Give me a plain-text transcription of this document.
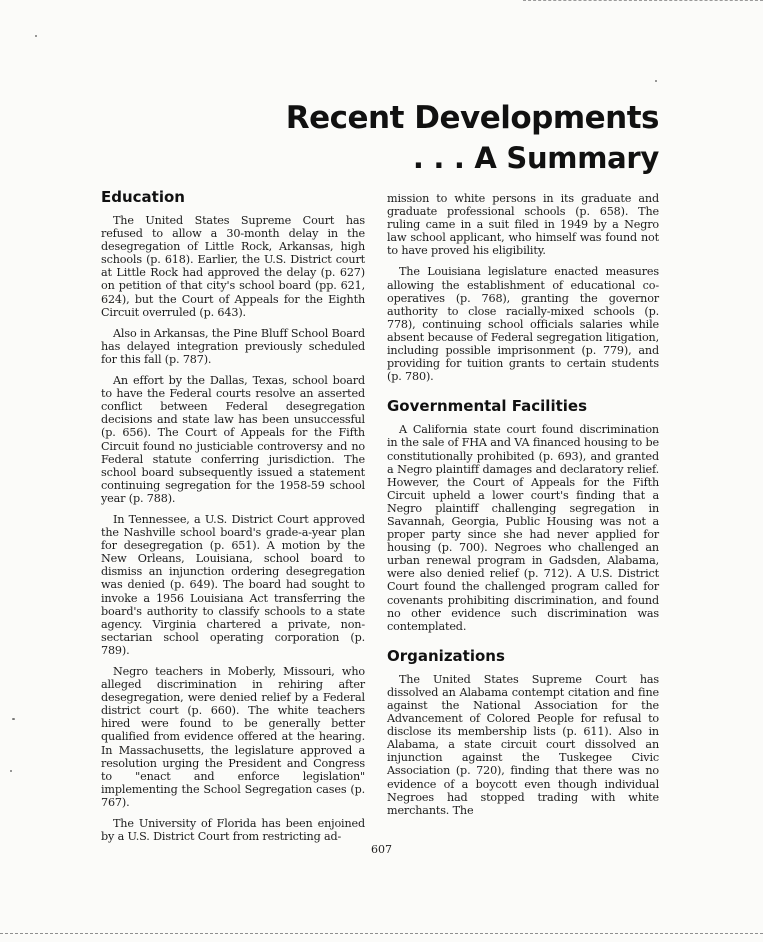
Recent Developments
. . . A Summary
Education

The United States Supreme Court has refused to allow a 30-month delay in the desegregation of Little Rock, Arkansas, high schools (p. 618). Earlier, the U.S. District court at Little Rock had approved the delay (p. 627) on petition of that city's school board (pp. 621, 624), but the Court of Appeals for the Eighth Circuit overruled (p. 643).

Also in Arkansas, the Pine Bluff School Board has delayed integration previously scheduled for this fall (p. 787).

An effort by the Dallas, Texas, school board to have the Federal courts resolve an asserted conflict between Federal desegregation decisions and state law has been unsuccessful (p. 656). The Court of Appeals for the Fifth Circuit found no justiciable controversy and no Federal statute conferring jurisdiction. The school board subsequently issued a statement continuing segregation for the 1958-59 school year (p. 788).

In Tennessee, a U.S. District Court approved the Nashville school board's grade-a-year plan for desegregation (p. 651). A motion by the New Orleans, Louisiana, school board to dismiss an injunction ordering desegregation was denied (p. 649). The board had sought to invoke a 1956 Louisiana Act transferring the board's authority to classify schools to a state agency. Virginia chartered a private, non-sectarian school operating corporation (p. 789).

Negro teachers in Moberly, Missouri, who alleged discrimination in rehiring after desegregation, were denied relief by a Federal district court (p. 660). The white teachers hired were found to be generally better qualified from evidence offered at the hearing. In Massachusetts, the legislature approved a resolution urging the President and Congress to "enact and enforce legislation" implementing the School Segregation cases (p. 767).

The University of Florida has been enjoined by a U.S. District Court from restricting ad-

mission to white persons in its graduate and graduate professional schools (p. 658). The ruling came in a suit filed in 1949 by a Negro law school applicant, who himself was found not to have proved his eligibility.

The Louisiana legislature enacted measures allowing the establishment of educational co-operatives (p. 768), granting the governor authority to close racially-mixed schools (p. 778), continuing school officials salaries while absent because of Federal segregation litigation, including possible imprisonment (p. 779), and providing for tuition grants to certain students (p. 780).

Governmental Facilities

A California state court found discrimination in the sale of FHA and VA financed housing to be constitutionally prohibited (p. 693), and granted a Negro plaintiff damages and declaratory relief. However, the Court of Appeals for the Fifth Circuit upheld a lower court's finding that a Negro plaintiff challenging segregation in Savannah, Georgia, Public Housing was not a proper party since she had never applied for housing (p. 700). Negroes who challenged an urban renewal program in Gadsden, Alabama, were also denied relief (p. 712). A U.S. District Court found the challenged program called for covenants prohibiting discrimination, and found no other evidence such discrimination was contemplated.

Organizations

The United States Supreme Court has dissolved an Alabama contempt citation and fine against the National Association for the Advancement of Colored People for refusal to disclose its membership lists (p. 611). Also in Alabama, a state circuit court dissolved an injunction against the Tuskegee Civic Association (p. 720), finding that there was no evidence of a boycott even though individual Negroes had stopped trading with white merchants. The

607
